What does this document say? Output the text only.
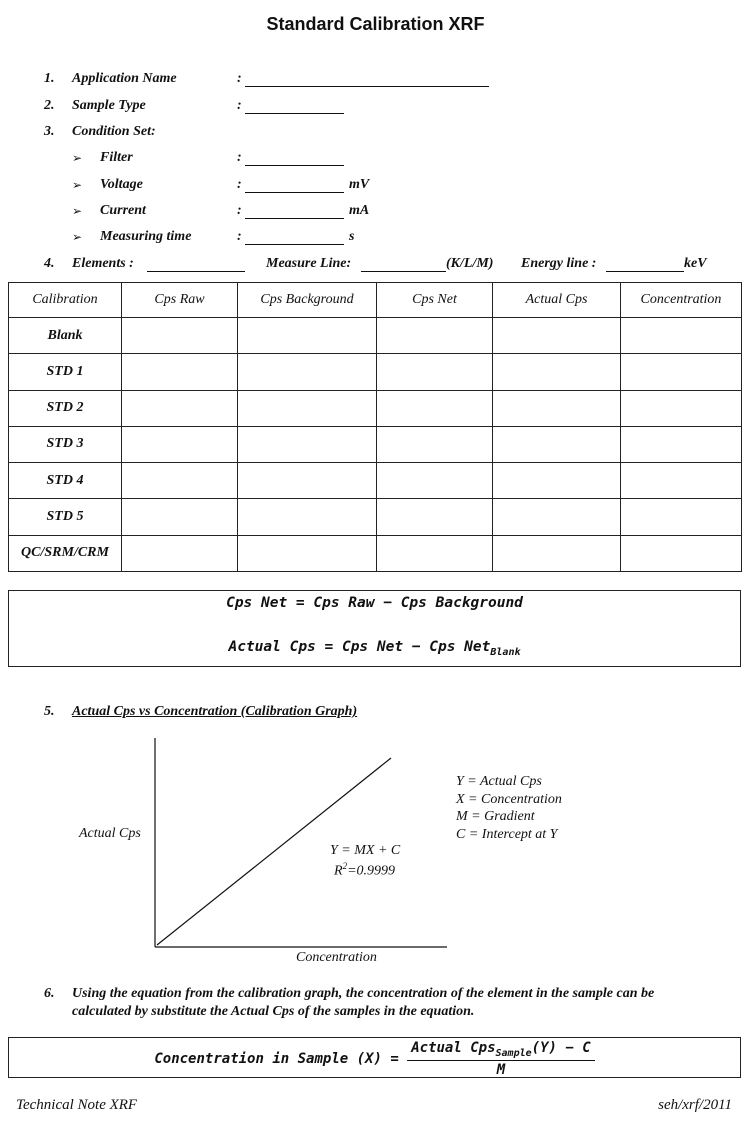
Standard Calibration XRF
1. Application Name	:
2. Sample Type	:
3. Condition Set:
➢ Filter	:
➢ Voltage	:	mV
➢ Current	:	mA
➢ Measuring time	:	s
4. Elements :	Measure Line:	(K/L/M) Energy line :	keV
Calibration	Cps Raw	Cps Background	Cps Net	Actual Cps	Concentration
Blank					
STD 1					
STD 2					
STD 3					
STD 4					
STD 5					
QC/SRM/CRM					
Cps Net = Cps Raw − Cps Background
Actual Cps = Cps Net − Cps Net$_{Blank}$
5. Actual Cps vs Concentration (Calibration Graph)
Actual Cps
Concentration
Y = MX + C
$R^2=0.9999$
Y = Actual Cps
X = Concentration
M = Gradient
C = Intercept at Y
6. Using the equation from the calibration graph, the concentration of the element in the sample can be
calculated by substitute the Actual Cps of the samples in the equation.
Concentration in Sample $(X) = \frac{Actual Cps_{Sample}(Y) - C}{M}$
Technical Note XRF	seh/xrf/2011
